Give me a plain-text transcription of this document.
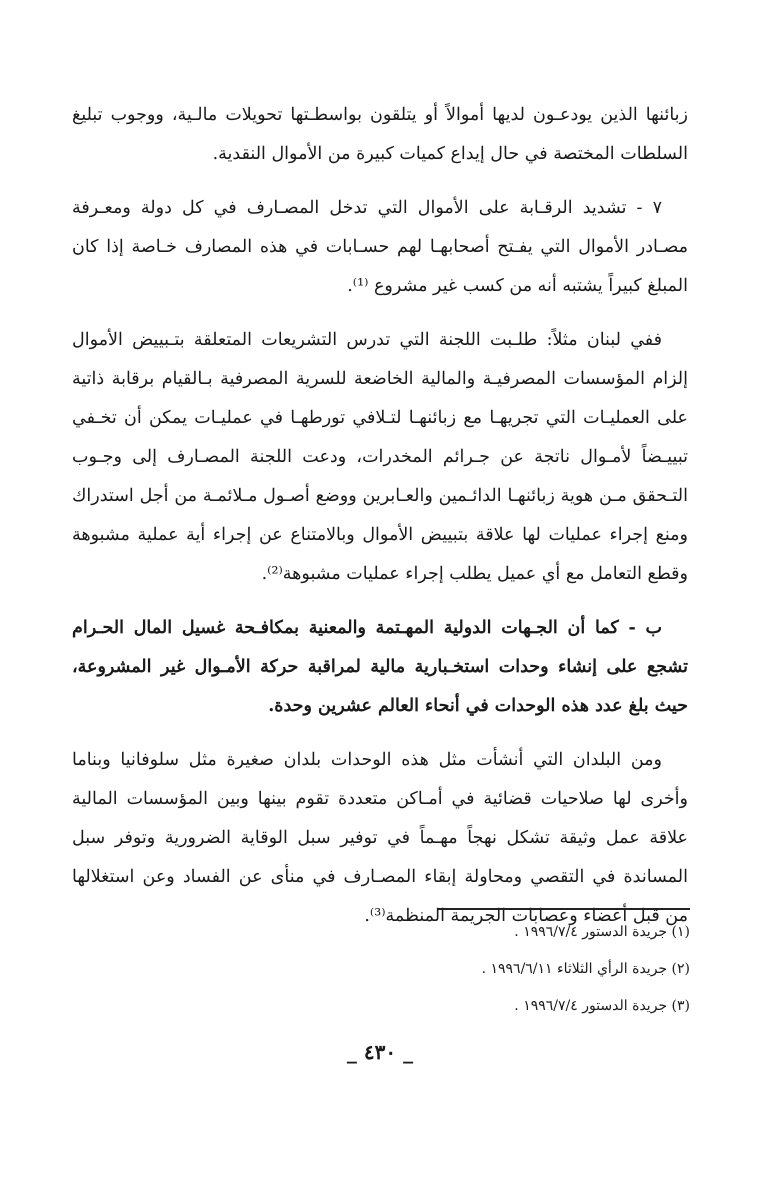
زبائنها الذين يودعـون لديها أموالاً أو يتلقون بواسطـتها تحويلات مالـية، ووجوب تبليغ السلطات المختصة في حال إيداع كميات كبيرة من الأموال النقدية.

٧ - تشديد الرقـابة على الأموال التي تدخل المصـارف في كل دولة ومعـرفة مصـادر الأموال التي يفـتح أصحابهـا لهم حسـابات في هذه المصارف خـاصة إذا كان المبلغ كبيراً يشتبه أنه من كسب غير مشروع ⁽¹⁾.

ففي لبنان مثلاً: طلـبت اللجنة التي تدرس التشريعات المتعلقة بتـبييض الأموال إلزام المؤسسات المصرفيـة والمالية الخاضعة للسرية المصرفية بـالقيام برقابة ذاتية على العمليـات التي تجريهـا مع زبائنهـا لتـلافي تورطهـا في عمليـات يمكن أن تخـفي تبييـضاً لأمـوال ناتجة عن جـرائم المخدرات، ودعت اللجنة المصـارف إلى وجـوب التـحقق مـن هوية زبائنهـا الدائـمين والعـابرين ووضع أصـول مـلائمـة من أجل استدراك ومنع إجراء عمليات لها علاقة بتبييض الأموال وبالامتناع عن إجراء أية عملية مشبوهة وقطع التعامل مع أي عميل يطلب إجراء عمليات مشبوهة⁽²⁾.

ب - كما أن الجـهات الدولية المهـتمة والمعنية بمكافـحة غسيل المال الحـرام تشجع على إنشاء وحدات استخـبارية مالية لمراقبة حركة الأمـوال غير المشروعة، حيث بلغ عدد هذه الوحدات في أنحاء العالم عشرين وحدة.

ومن البلدان التي أنشأت مثل هذه الوحدات بلدان صغيرة مثل سلوفانيا وبناما وأخرى لها صلاحيات قضائية في أمـاكن متعددة تقوم بينها وبين المؤسسات المالية علاقة عمل وثيقة تشكل نهجاً مهـماً في توفير سبل الوقاية الضرورية وتوفر سبل المساندة في التقصي ومحاولة إبقاء المصـارف في منأى عن الفساد وعن استغلالها من قبل أعضاء وعصابات الجريمة المنظمة⁽³⁾.

(١) جريدة الدستور ١٩٩٦/٧/٤ .
(٢) جريدة الرأي الثلاثاء ١٩٩٦/٦/١١ .
(٣) جريدة الدستور ١٩٩٦/٧/٤ .
_ ٤٣٠ _
